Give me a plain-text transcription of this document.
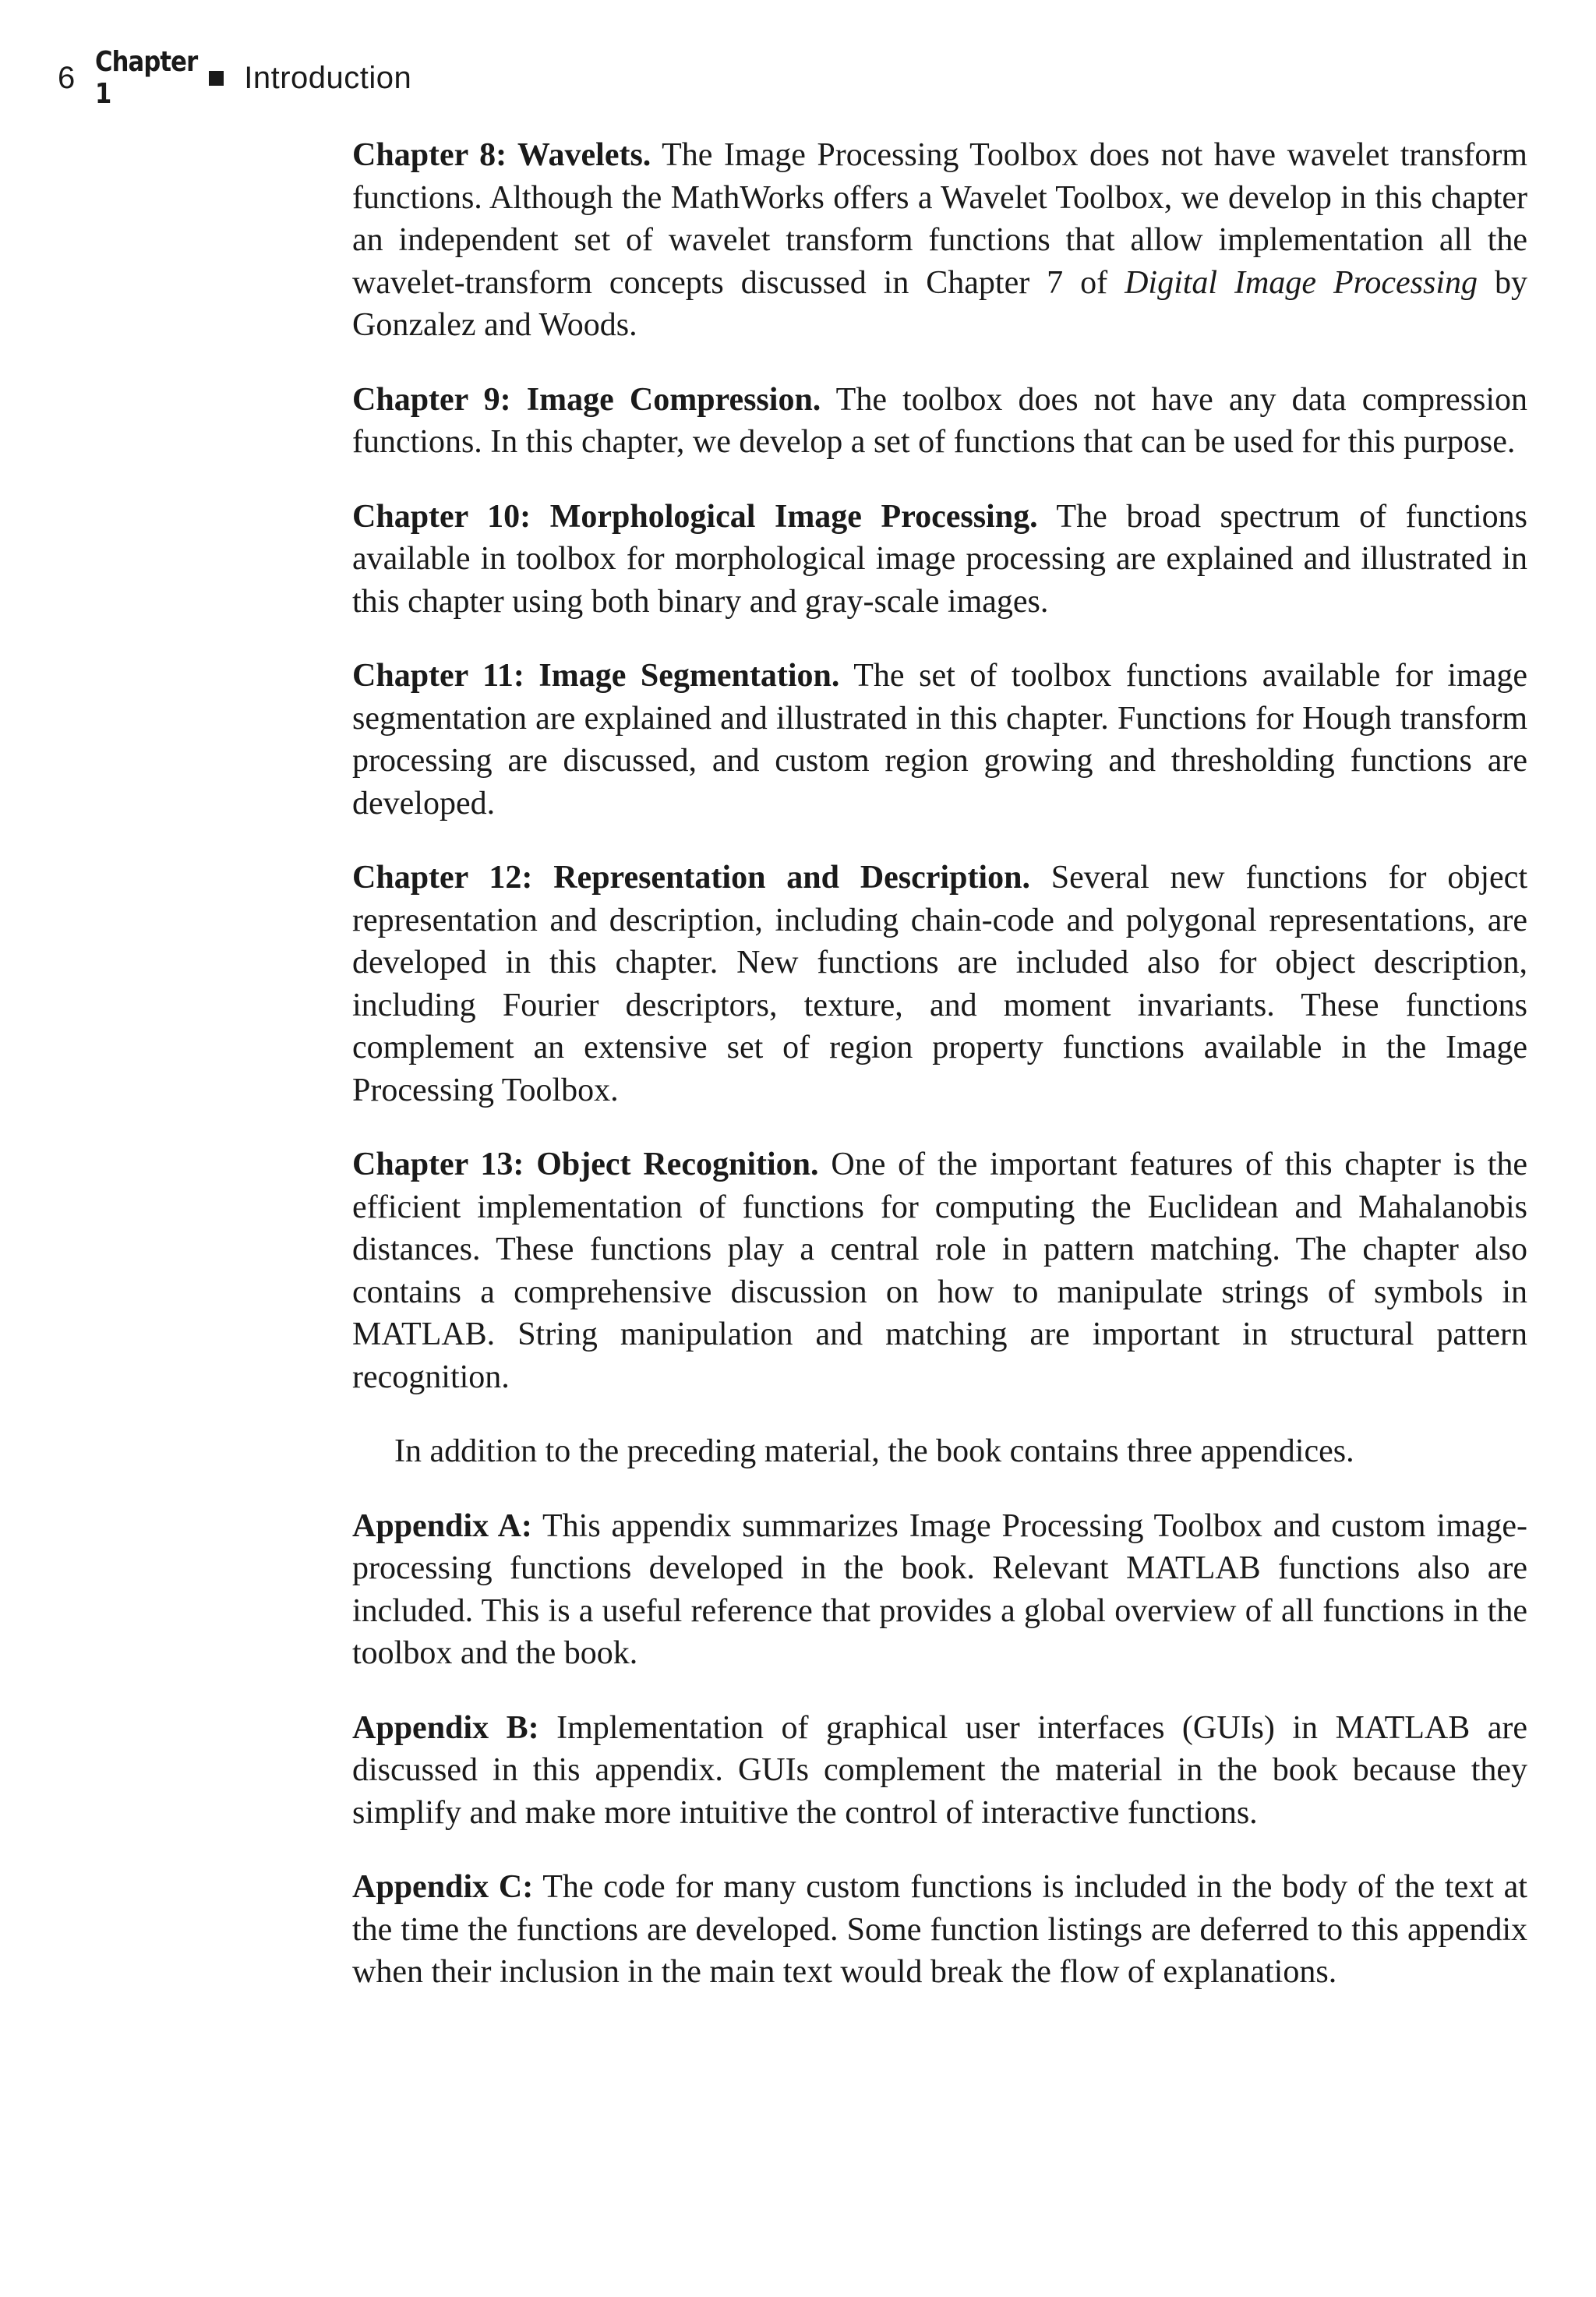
6 Chapter 1	Introduction

Chapter 8: Wavelets. The Image Processing Toolbox does not have wavelet transform functions. Although the MathWorks offers a Wavelet Toolbox, we develop in this chapter an independent set of wavelet transform functions that allow implementation all the wavelet-transform concepts discussed in Chapter 7 of Digital Image Processing by Gonzalez and Woods.

Chapter 9: Image Compression. The toolbox does not have any data compression functions. In this chapter, we develop a set of functions that can be used for this purpose.

Chapter 10: Morphological Image Processing. The broad spectrum of functions available in toolbox for morphological image processing are explained and illustrated in this chapter using both binary and gray-scale images.

Chapter 11: Image Segmentation. The set of toolbox functions available for image segmentation are explained and illustrated in this chapter. Functions for Hough transform processing are discussed, and custom region growing and thresholding functions are developed.

Chapter 12: Representation and Description. Several new functions for object representation and description, including chain-code and polygonal representations, are developed in this chapter. New functions are included also for object description, including Fourier descriptors, texture, and moment invariants. These functions complement an extensive set of region property functions available in the Image Processing Toolbox.

Chapter 13: Object Recognition. One of the important features of this chapter is the efficient implementation of functions for computing the Euclidean and Mahalanobis distances. These functions play a central role in pattern matching. The chapter also contains a comprehensive discussion on how to manipulate strings of symbols in MATLAB. String manipulation and matching are important in structural pattern recognition.

In addition to the preceding material, the book contains three appendices.

Appendix A: This appendix summarizes Image Processing Toolbox and custom image-processing functions developed in the book. Relevant MATLAB functions also are included. This is a useful reference that provides a global overview of all functions in the toolbox and the book.

Appendix B: Implementation of graphical user interfaces (GUIs) in MATLAB are discussed in this appendix. GUIs complement the material in the book because they simplify and make more intuitive the control of interactive functions.

Appendix C: The code for many custom functions is included in the body of the text at the time the functions are developed. Some function listings are deferred to this appendix when their inclusion in the main text would break the flow of explanations.
